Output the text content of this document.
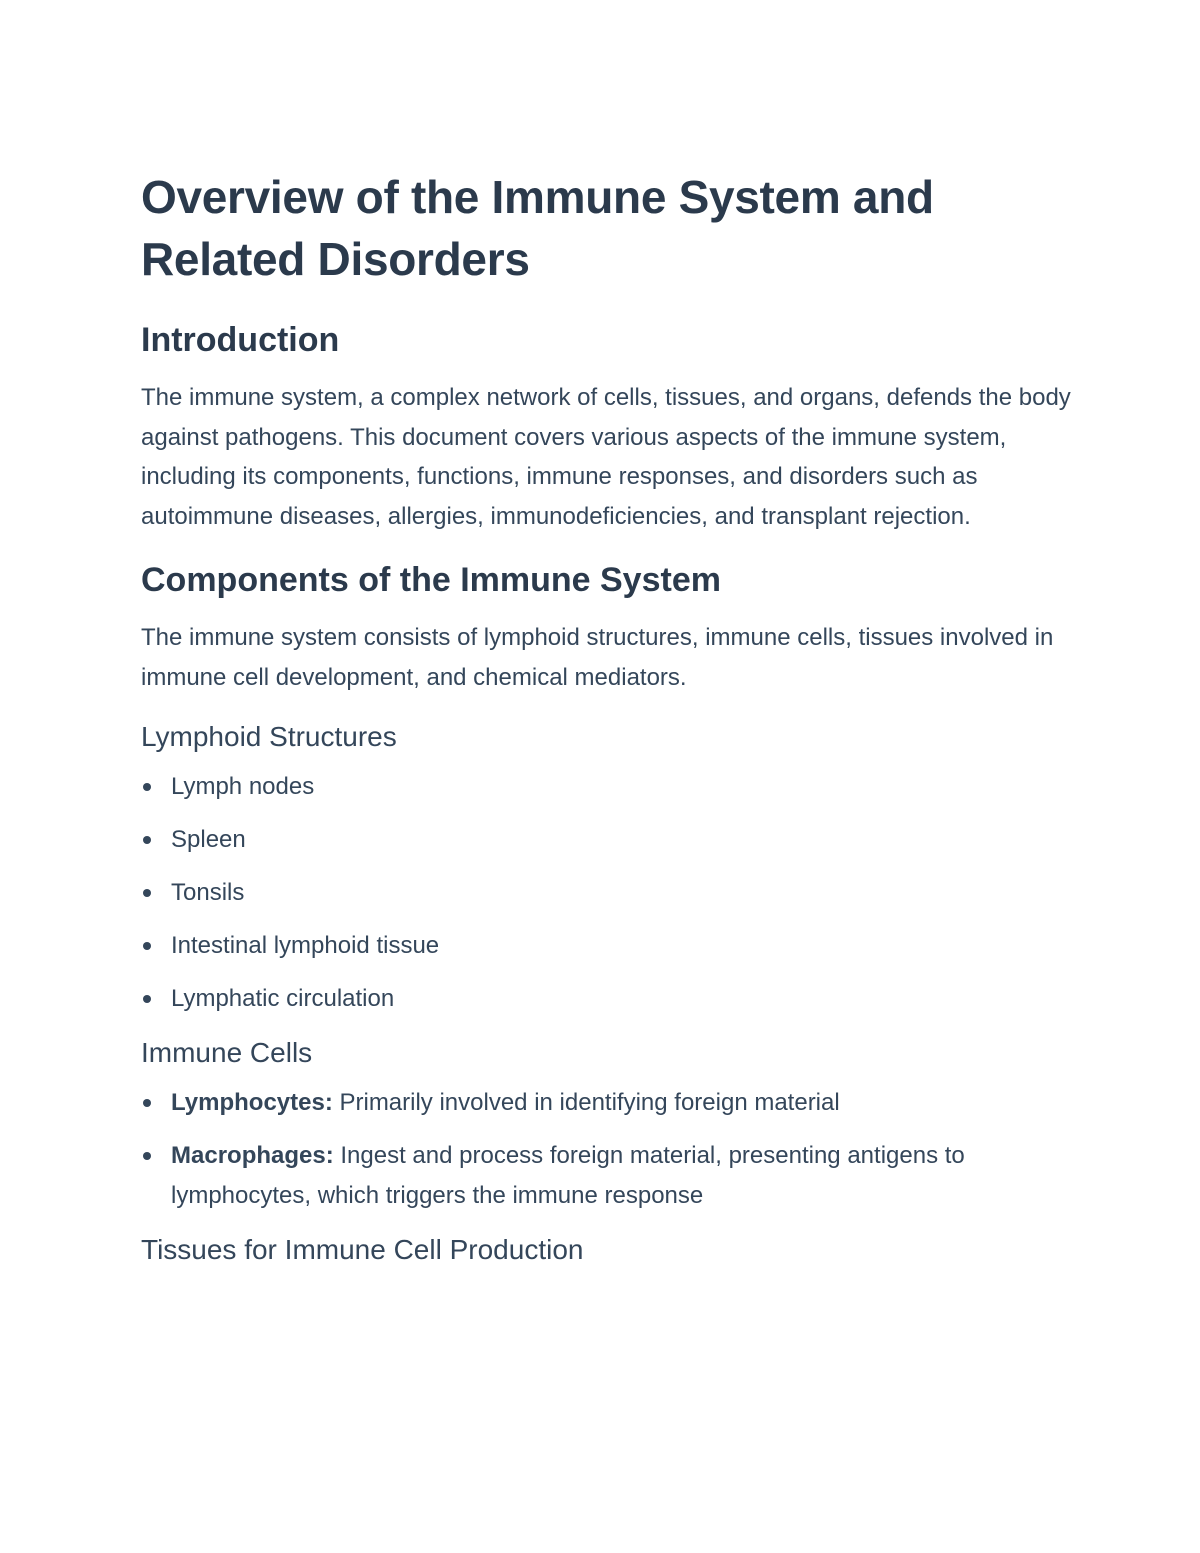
Overview of the Immune System and Related Disorders
Introduction

The immune system, a complex network of cells, tissues, and organs, defends the body against pathogens. This document covers various aspects of the immune system, including its components, functions, immune responses, and disorders such as autoimmune diseases, allergies, immunodeficiencies, and transplant rejection.

Components of the Immune System

The immune system consists of lymphoid structures, immune cells, tissues involved in immune cell development, and chemical mediators.

Lymphoid Structures
Lymph nodes
Spleen
Tonsils
Intestinal lymphoid tissue
Lymphatic circulation
Immune Cells
Lymphocytes: Primarily involved in identifying foreign material
Macrophages: Ingest and process foreign material, presenting antigens to lymphocytes, which triggers the immune response
Tissues for Immune Cell Production
